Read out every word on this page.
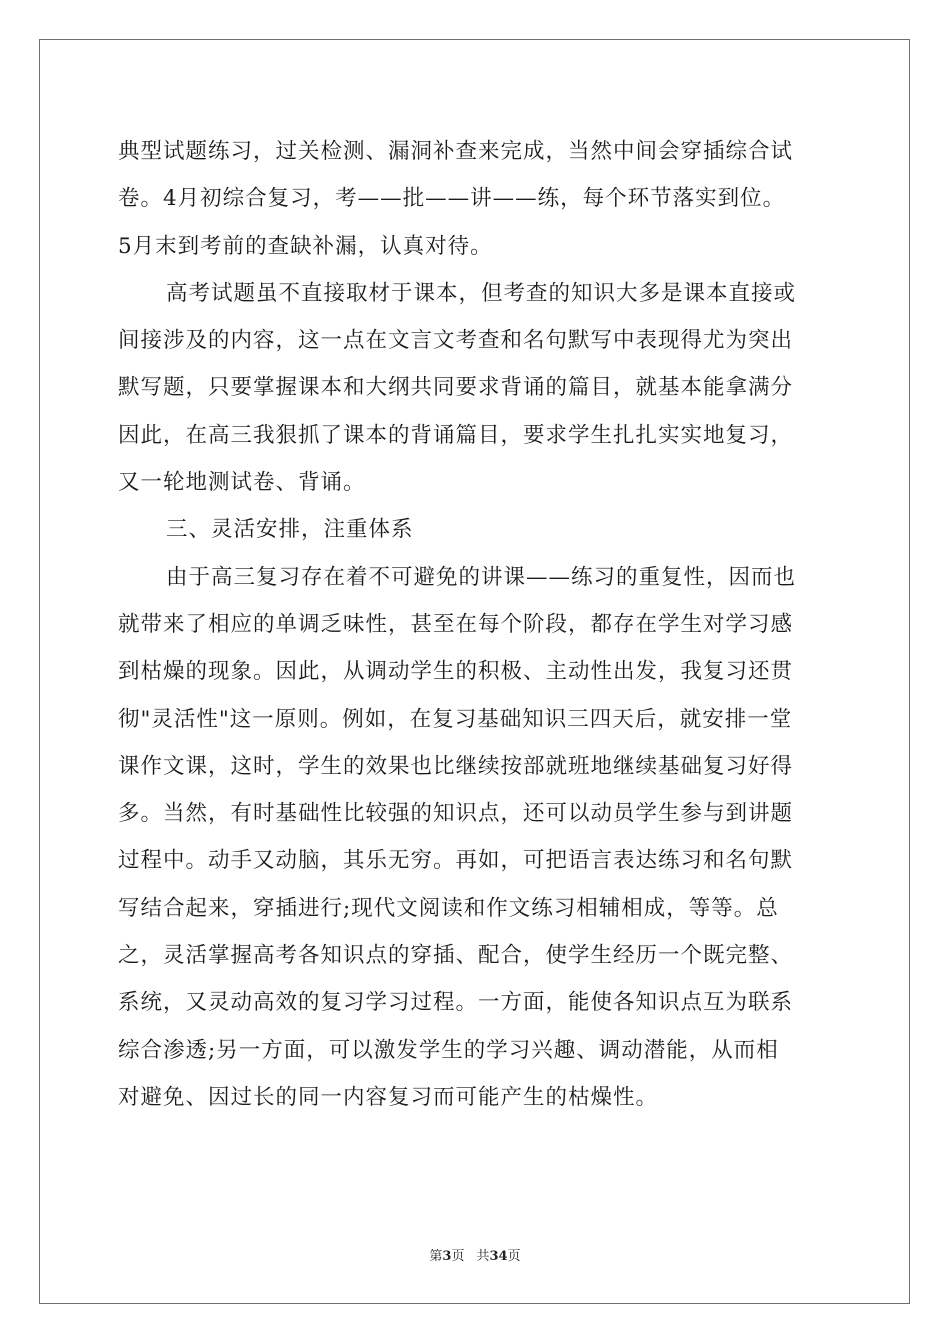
典型试题练习，过关检测、漏洞补查来完成，当然中间会穿插综合试
卷。4月初综合复习，考——批——讲——练，每个环节落实到位。
5月末到考前的查缺补漏，认真对待。
高考试题虽不直接取材于课本，但考查的知识大多是课本直接或
间接涉及的内容，这一点在文言文考查和名句默写中表现得尤为突出
默写题，只要掌握课本和大纲共同要求背诵的篇目，就基本能拿满分
因此，在高三我狠抓了课本的背诵篇目，要求学生扎扎实实地复习，
又一轮地测试卷、背诵。
三、灵活安排，注重体系
由于高三复习存在着不可避免的讲课——练习的重复性，因而也
就带来了相应的单调乏味性，甚至在每个阶段，都存在学生对学习感
到枯燥的现象。因此，从调动学生的积极、主动性出发，我复习还贯
彻"灵活性"这一原则。例如，在复习基础知识三四天后，就安排一堂
课作文课，这时，学生的效果也比继续按部就班地继续基础复习好得
多。当然，有时基础性比较强的知识点，还可以动员学生参与到讲题
过程中。动手又动脑，其乐无穷。再如，可把语言表达练习和名句默
写结合起来，穿插进行;现代文阅读和作文练习相辅相成，等等。总
之，灵活掌握高考各知识点的穿插、配合，使学生经历一个既完整、
系统，又灵动高效的复习学习过程。一方面，能使各知识点互为联系
综合渗透;另一方面，可以激发学生的学习兴趣、调动潜能，从而相
对避免、因过长的同一内容复习而可能产生的枯燥性。
第3页 共34页
